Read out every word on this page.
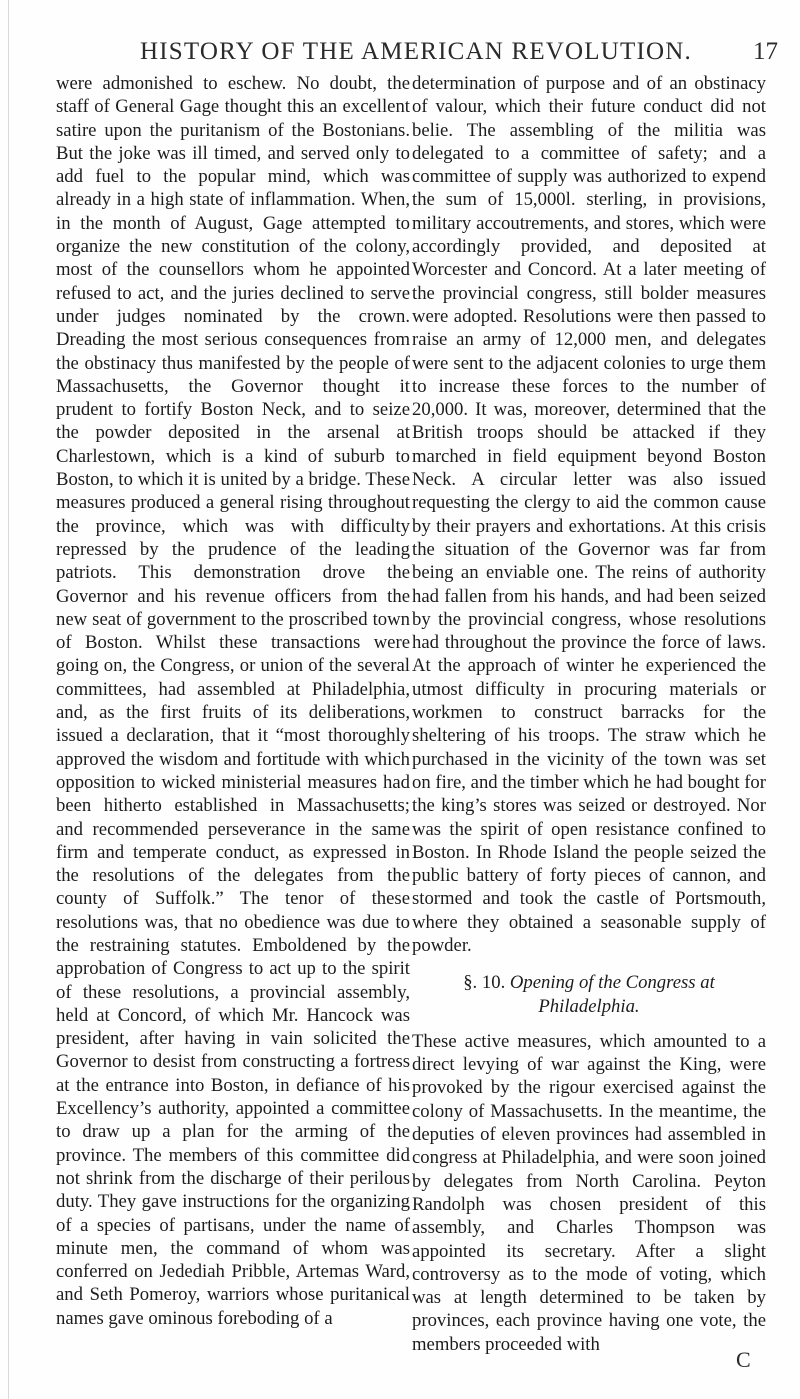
HISTORY OF THE AMERICAN REVOLUTION. 17

were admonished to eschew. No doubt, the staff of General Gage thought this an excellent satire upon the puritanism of the Bostonians. But the joke was ill timed, and served only to add fuel to the popular mind, which was already in a high state of inflammation. When, in the month of August, Gage attempted to organize the new constitution of the colony, most of the counsellors whom he appointed refused to act, and the juries declined to serve under judges nominated by the crown. Dreading the most serious consequences from the obstinacy thus manifested by the people of Massachusetts, the Governor thought it prudent to fortify Boston Neck, and to seize the powder deposited in the arsenal at Charlestown, which is a kind of suburb to Boston, to which it is united by a bridge. These measures produced a general rising throughout the province, which was with difficulty repressed by the prudence of the leading patriots. This demonstration drove the Governor and his revenue officers from the new seat of government to the proscribed town of Boston. Whilst these transactions were going on, the Congress, or union of the several committees, had assembled at Philadelphia, and, as the first fruits of its deliberations, issued a declaration, that it “most thoroughly approved the wisdom and fortitude with which opposition to wicked ministerial measures had been hitherto established in Massachusetts; and recommended perseverance in the same firm and temperate conduct, as expressed in the resolutions of the delegates from the county of Suffolk.” The tenor of these resolutions was, that no obedience was due to the restraining statutes. Emboldened by the approbation of Congress to act up to the spirit of these resolutions, a provincial assembly, held at Concord, of which Mr. Hancock was president, after having in vain solicited the Governor to desist from constructing a fortress at the entrance into Boston, in defiance of his Excellency’s authority, appointed a committee to draw up a plan for the arming of the province. The members of this committee did not shrink from the discharge of their perilous duty. They gave instructions for the organizing of a species of partisans, under the name of minute men, the command of whom was conferred on Jedediah Pribble, Artemas Ward, and Seth Pomeroy, warriors whose puritanical names gave ominous foreboding of a

determination of purpose and of an obstinacy of valour, which their future conduct did not belie. The assembling of the militia was delegated to a committee of safety; and a committee of supply was authorized to expend the sum of 15,000l. sterling, in provisions, military accoutrements, and stores, which were accordingly provided, and deposited at Worcester and Concord. At a later meeting of the provincial congress, still bolder measures were adopted. Resolutions were then passed to raise an army of 12,000 men, and delegates were sent to the adjacent colonies to urge them to increase these forces to the number of 20,000. It was, moreover, determined that the British troops should be attacked if they marched in field equipment beyond Boston Neck. A circular letter was also issued requesting the clergy to aid the common cause by their prayers and exhortations. At this crisis the situation of the Governor was far from being an enviable one. The reins of authority had fallen from his hands, and had been seized by the provincial congress, whose resolutions had throughout the province the force of laws. At the approach of winter he experienced the utmost difficulty in procuring materials or workmen to construct barracks for the sheltering of his troops. The straw which he purchased in the vicinity of the town was set on fire, and the timber which he had bought for the king’s stores was seized or destroyed. Nor was the spirit of open resistance confined to Boston. In Rhode Island the people seized the public battery of forty pieces of cannon, and stormed and took the castle of Portsmouth, where they obtained a seasonable supply of powder.

§. 10. Opening of the Congress at Philadelphia.

These active measures, which amounted to a direct levying of war against the King, were provoked by the rigour exercised against the colony of Massachusetts. In the meantime, the deputies of eleven provinces had assembled in congress at Philadelphia, and were soon joined by delegates from North Carolina. Peyton Randolph was chosen president of this assembly, and Charles Thompson was appointed its secretary. After a slight controversy as to the mode of voting, which was at length determined to be taken by provinces, each province having one vote, the members proceeded with

C
